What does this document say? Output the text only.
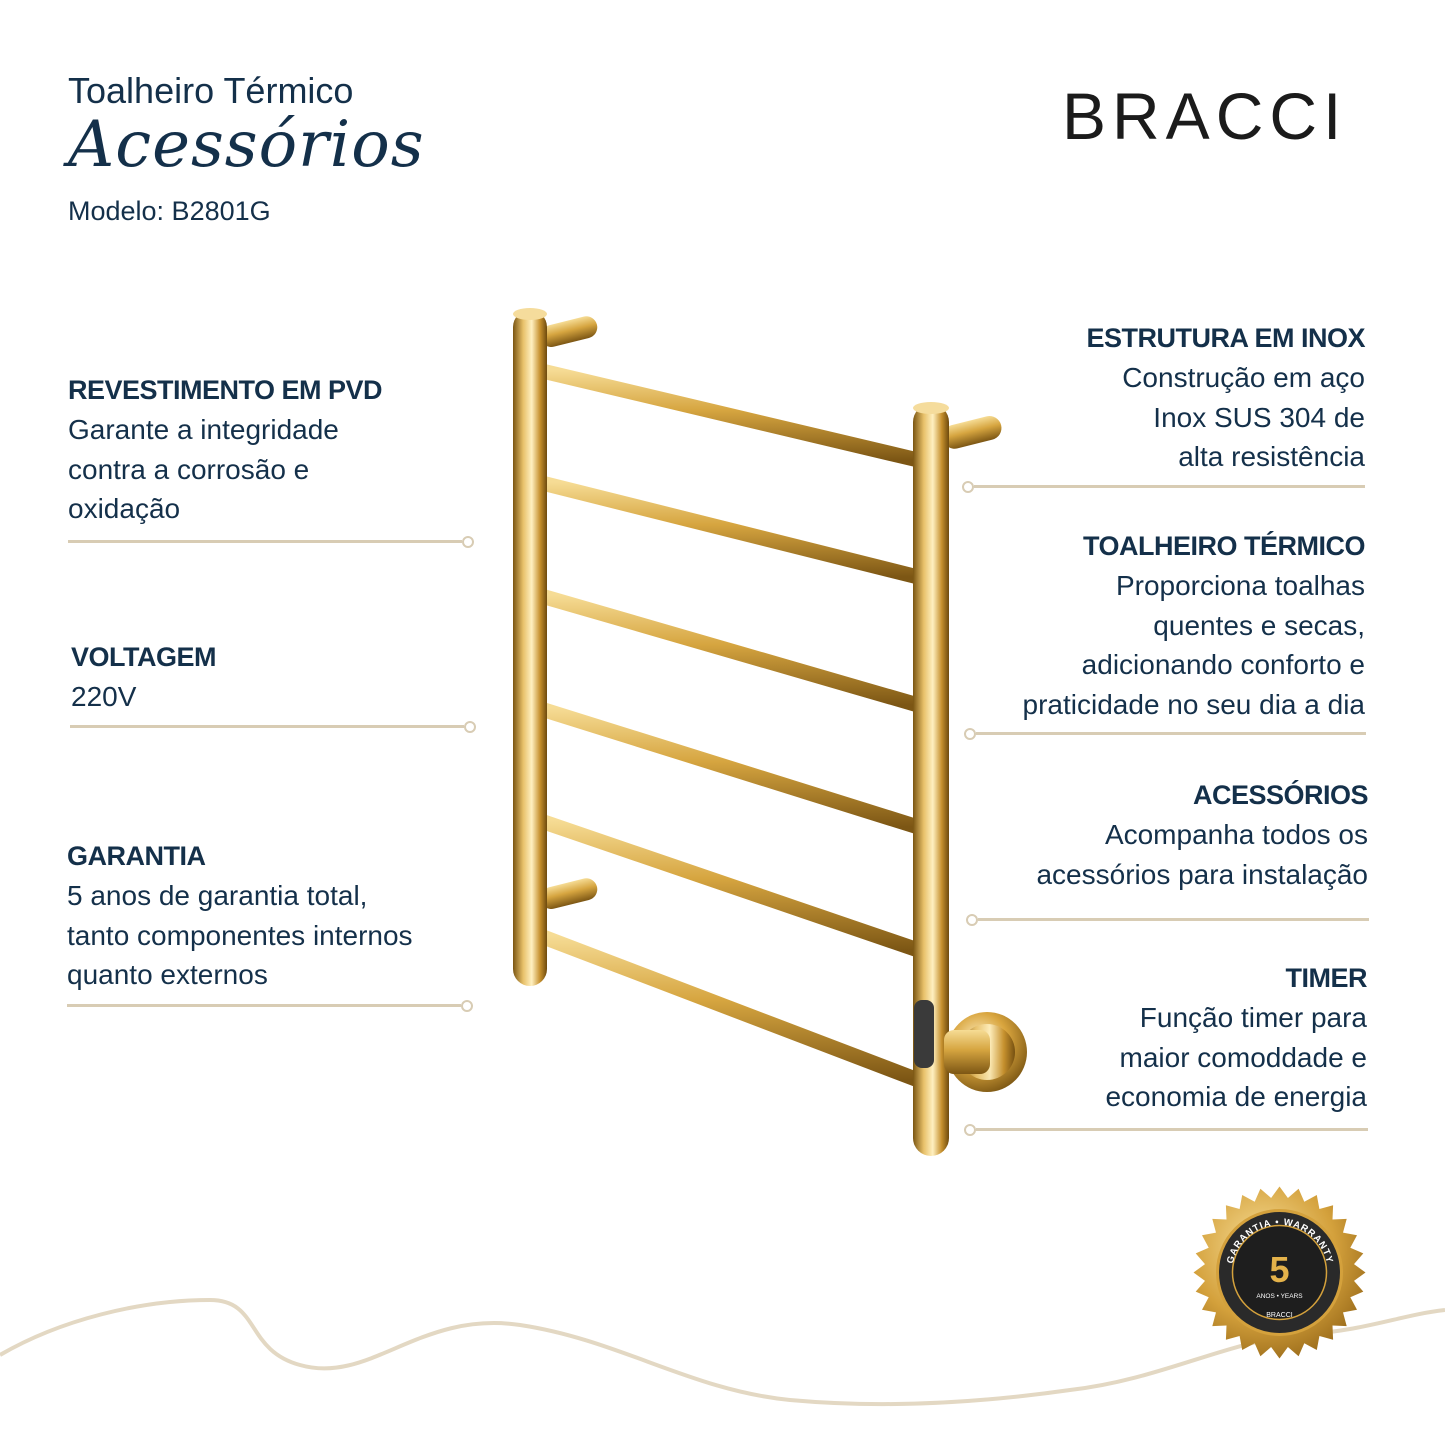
Toalheiro Térmico
Acessórios
Modelo: B2801G
BRACCI
REVESTIMENTO EM PVD
Garante a integridade
contra a corrosão e
oxidação
VOLTAGEM
220V
GARANTIA
5 anos de garantia total,
tanto componentes internos
quanto externos
ESTRUTURA EM INOX
Construção em aço
Inox SUS 304 de
alta resistência
TOALHEIRO TÉRMICO
Proporciona toalhas
quentes e secas,
adicionando conforto e
praticidade no seu dia a dia
ACESSÓRIOS
Acompanha todos os
acessórios para instalação
TIMER
Função timer para
maior comoddade e
economia de energia
GARANTIA • WARRANTY
5
ANOS • YEARS
BRACCI
